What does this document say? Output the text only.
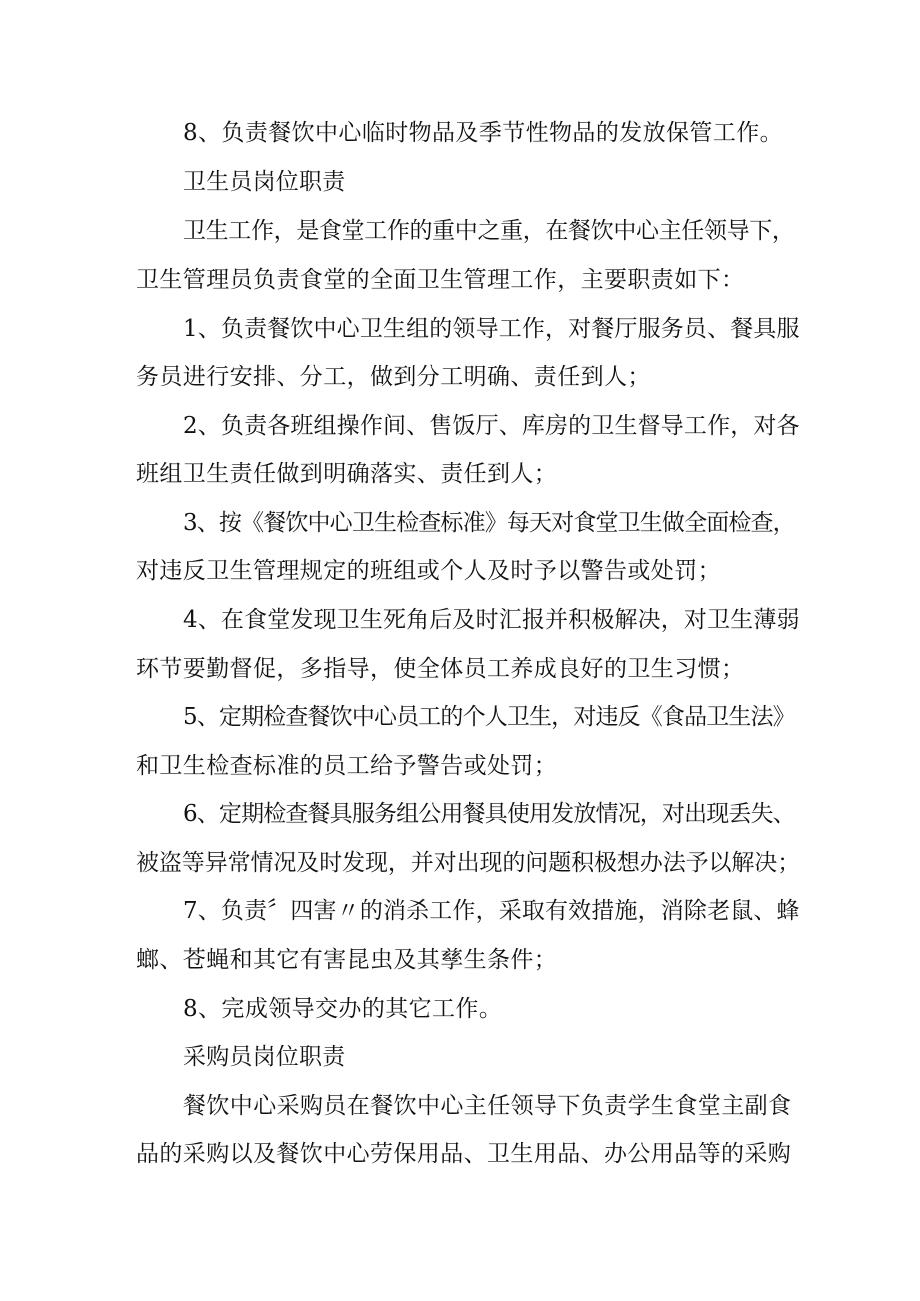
8、负责餐饮中心临时物品及季节性物品的发放保管工作。
卫生员岗位职责
卫生工作，是食堂工作的重中之重，在餐饮中心主任领导下，
卫生管理员负责食堂的全面卫生管理工作，主要职责如下：
1、负责餐饮中心卫生组的领导工作，对餐厅服务员、餐具服
务员进行安排、分工，做到分工明确、责任到人；
2、负责各班组操作间、售饭厅、库房的卫生督导工作，对各
班组卫生责任做到明确落实、责任到人；
3、按《餐饮中心卫生检查标准》每天对食堂卫生做全面检查，
对违反卫生管理规定的班组或个人及时予以警告或处罚；
4、在食堂发现卫生死角后及时汇报并积极解决，对卫生薄弱
环节要勤督促，多指导，使全体员工养成良好的卫生习惯；
5、定期检查餐饮中心员工的个人卫生，对违反《食品卫生法》
和卫生检查标准的员工给予警告或处罚；
6、定期检查餐具服务组公用餐具使用发放情况，对出现丢失、
被盗等异常情况及时发现，并对出现的问题积极想办法予以解决；
7、负责〞四害〃的消杀工作，采取有效措施，消除老鼠、蜂
螂、苍蝇和其它有害昆虫及其孳生条件；
8、完成领导交办的其它工作。
采购员岗位职责
餐饮中心采购员在餐饮中心主任领导下负责学生食堂主副食
品的采购以及餐饮中心劳保用品、卫生用品、办公用品等的采购
